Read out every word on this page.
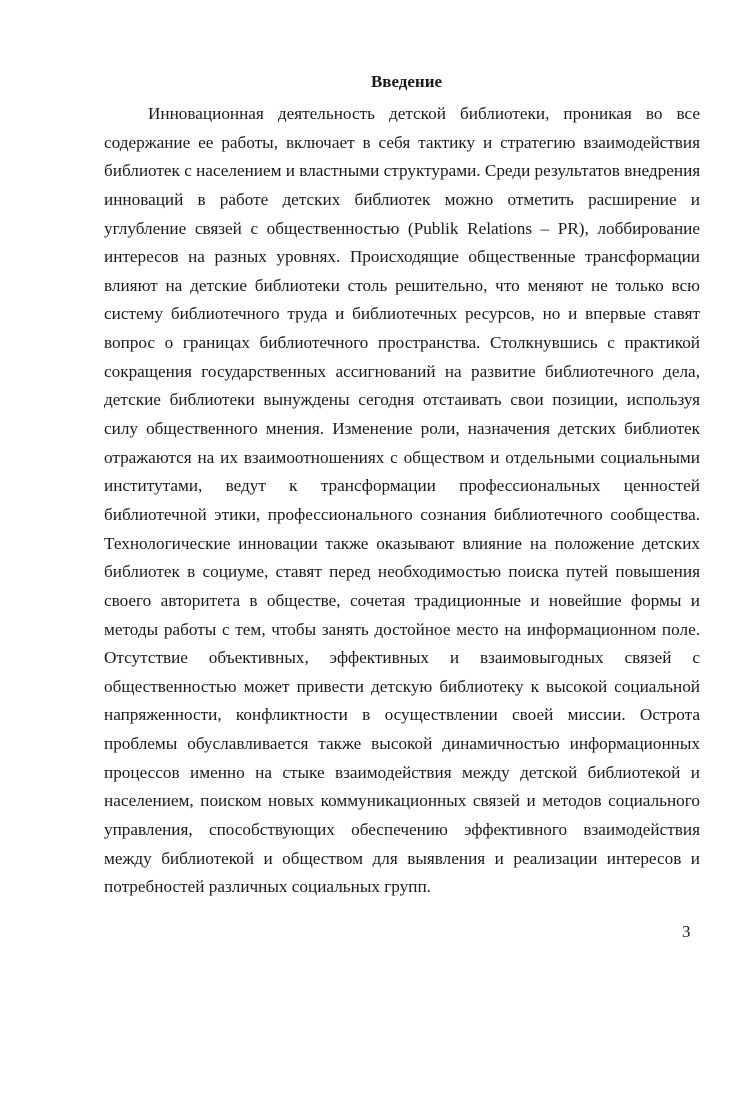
Введение
Инновационная деятельность детской библиотеки, проникая во все
содержание ее работы, включает в себя тактику и стратегию взаимодействия
библиотек с населением и властными структурами. Среди результатов внедрения
инноваций в работе детских библиотек можно отметить расширение и
углубление связей с общественностью (Publik Relations – PR), лоббирование
интересов на разных уровнях. Происходящие общественные трансформации
влияют на детские библиотеки столь решительно, что меняют не только всю
систему библиотечного труда и библиотечных ресурсов, но и впервые ставят
вопрос о границах библиотечного пространства. Столкнувшись с практикой
сокращения государственных ассигнований на развитие библиотечного дела,
детские библиотеки вынуждены сегодня отстаивать свои позиции, используя
силу общественного мнения. Изменение роли, назначения детских библиотек
отражаются на их взаимоотношениях с обществом и отдельными социальными
институтами, ведут к трансформации профессиональных ценностей
библиотечной этики, профессионального сознания библиотечного сообщества.
Технологические инновации также оказывают влияние на положение детских
библиотек в социуме, ставят перед необходимостью поиска путей повышения
своего авторитета в обществе, сочетая традиционные и новейшие формы и
методы работы с тем, чтобы занять достойное место на информационном поле.
Отсутствие объективных, эффективных и взаимовыгодных связей с
общественностью может привести детскую библиотеку к высокой социальной
напряженности, конфликтности в осуществлении своей миссии. Острота
проблемы обуславливается также высокой динамичностью информационных
процессов именно на стыке взаимодействия между детской библиотекой и
населением, поиском новых коммуникационных связей и методов социального
управления, способствующих обеспечению эффективного взаимодействия
между библиотекой и обществом для выявления и реализации интересов и
потребностей различных социальных групп.
3
